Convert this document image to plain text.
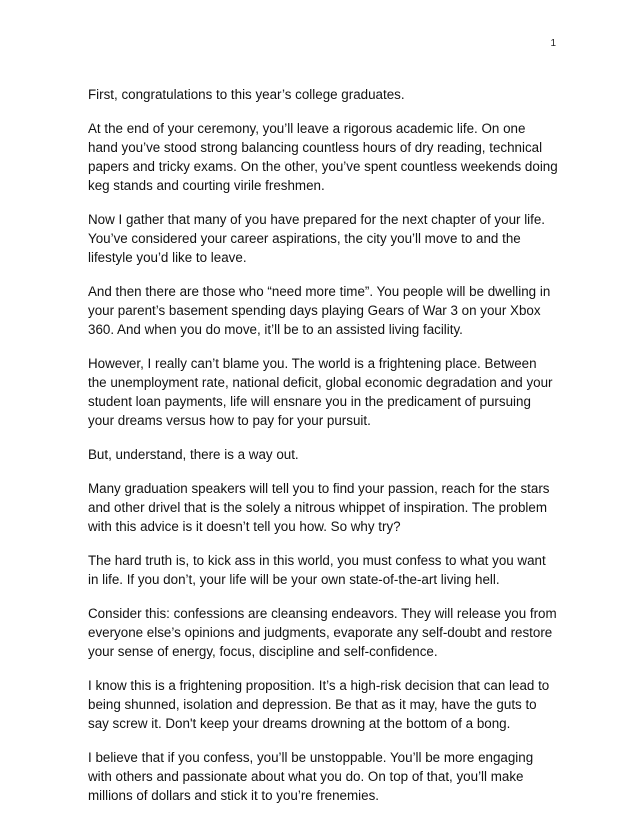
1

First, congratulations to this year’s college graduates.

At the end of your ceremony, you’ll leave a rigorous academic life. On one hand you’ve stood strong balancing countless hours of dry reading, technical papers and tricky exams. On the other, you’ve spent countless weekends doing keg stands and courting virile freshmen.

Now I gather that many of you have prepared for the next chapter of your life. You’ve considered your career aspirations, the city you’ll move to and the lifestyle you’d like to leave.

And then there are those who “need more time”. You people will be dwelling in your parent’s basement spending days playing Gears of War 3 on your Xbox 360. And when you do move, it’ll be to an assisted living facility.

However, I really can’t blame you. The world is a frightening place. Between the unemployment rate, national deficit, global economic degradation and your student loan payments, life will ensnare you in the predicament of pursuing your dreams versus how to pay for your pursuit.

But, understand, there is a way out.

Many graduation speakers will tell you to find your passion, reach for the stars and other drivel that is the solely a nitrous whippet of inspiration. The problem with this advice is it doesn’t tell you how. So why try?

The hard truth is, to kick ass in this world, you must confess to what you want in life. If you don’t, your life will be your own state-of-the-art living hell.

Consider this: confessions are cleansing endeavors. They will release you from everyone else’s opinions and judgments, evaporate any self-doubt and restore your sense of energy, focus, discipline and self-confidence.

I know this is a frightening proposition. It’s a high-risk decision that can lead to being shunned, isolation and depression. Be that as it may, have the guts to say screw it. Don't keep your dreams drowning at the bottom of a bong.

I believe that if you confess, you’ll be unstoppable. You’ll be more engaging with others and passionate about what you do. On top of that, you’ll make millions of dollars and stick it to you’re frenemies.
